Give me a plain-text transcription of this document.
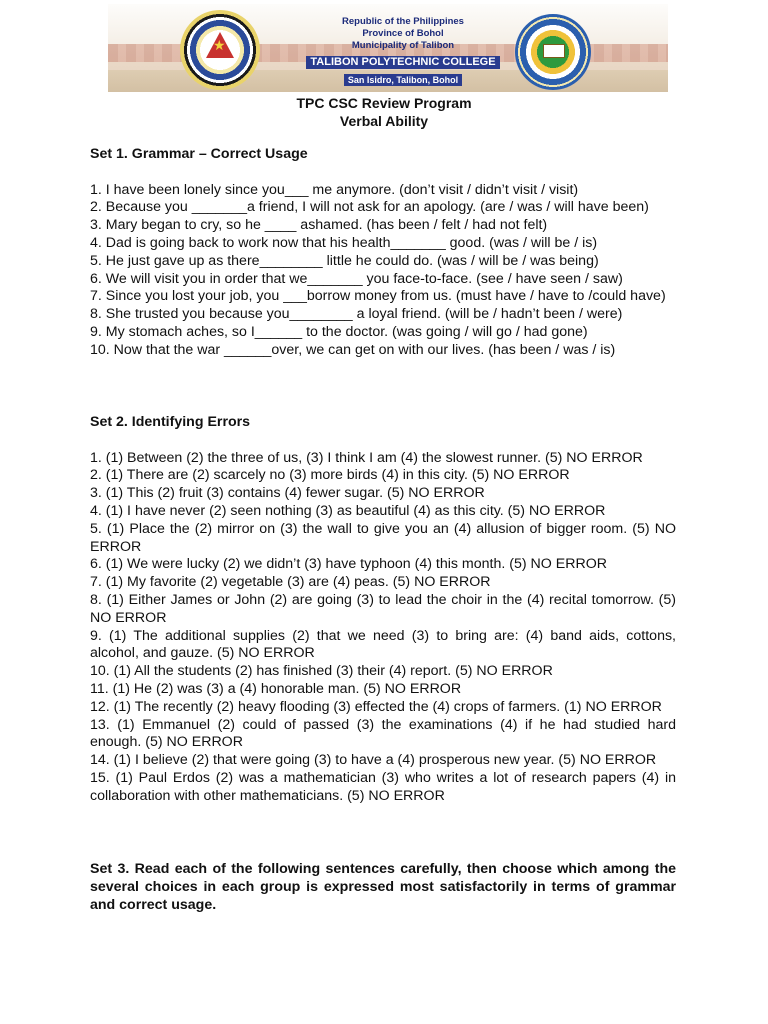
★
Republic of the Philippines
Province of Bohol
Municipality of Talibon
TALIBON POLYTECHNIC COLLEGE
San Isidro, Talibon, Bohol
TPC CSC Review Program
Verbal Ability

Set 1. Grammar – Correct Usage

1. I have been lonely since you___ me anymore. (don’t visit / didn’t visit / visit)

2. Because you _______a friend, I will not ask for an apology. (are / was / will have been)

3. Mary began to cry, so he ____ ashamed. (has been / felt / had not felt)

4. Dad is going back to work now that his health_______ good. (was / will be / is)

5. He just gave up as there________ little he could do. (was / will be / was being)

6. We will visit you in order that we_______ you face-to-face. (see / have seen / saw)

7. Since you lost your job, you ___borrow money from us. (must have / have to /could have)

8. She trusted you because you________ a loyal friend. (will be / hadn’t been / were)

9. My stomach aches, so I______ to the doctor. (was going / will go / had gone)

10. Now that the war ______over, we can get on with our lives. (has been / was / is)

Set 2. Identifying Errors

1. (1) Between (2) the three of us, (3) I think I am (4) the slowest runner. (5) NO ERROR

2. (1) There are (2) scarcely no (3) more birds (4) in this city. (5) NO ERROR

3. (1) This (2) fruit (3) contains (4) fewer sugar. (5) NO ERROR

4. (1) I have never (2) seen nothing (3) as beautiful (4) as this city. (5) NO ERROR

5. (1) Place the (2) mirror on (3) the wall to give you an (4) allusion of bigger room. (5) NO ERROR

6. (1) We were lucky (2) we didn’t (3) have typhoon (4) this month. (5) NO ERROR

7. (1) My favorite (2) vegetable (3) are (4) peas. (5) NO ERROR

8. (1) Either James or John (2) are going (3) to lead the choir in the (4) recital tomorrow. (5) NO ERROR

9. (1) The additional supplies (2) that we need (3) to bring are: (4) band aids, cottons, alcohol, and gauze. (5) NO ERROR

10. (1) All the students (2) has finished (3) their (4) report. (5) NO ERROR

11. (1) He (2) was (3) a (4) honorable man. (5) NO ERROR

12. (1) The recently (2) heavy flooding (3) effected the (4) crops of farmers. (1) NO ERROR

13. (1) Emmanuel (2) could of passed (3) the examinations (4) if he had studied hard enough. (5) NO ERROR

14. (1) I believe (2) that were going (3) to have a (4) prosperous new year. (5) NO ERROR

15. (1) Paul Erdos (2) was a mathematician (3) who writes a lot of research papers (4) in collaboration with other mathematicians. (5) NO ERROR

Set 3. Read each of the following sentences carefully, then choose which among the several choices in each group is expressed most satisfactorily in terms of grammar and correct usage.
